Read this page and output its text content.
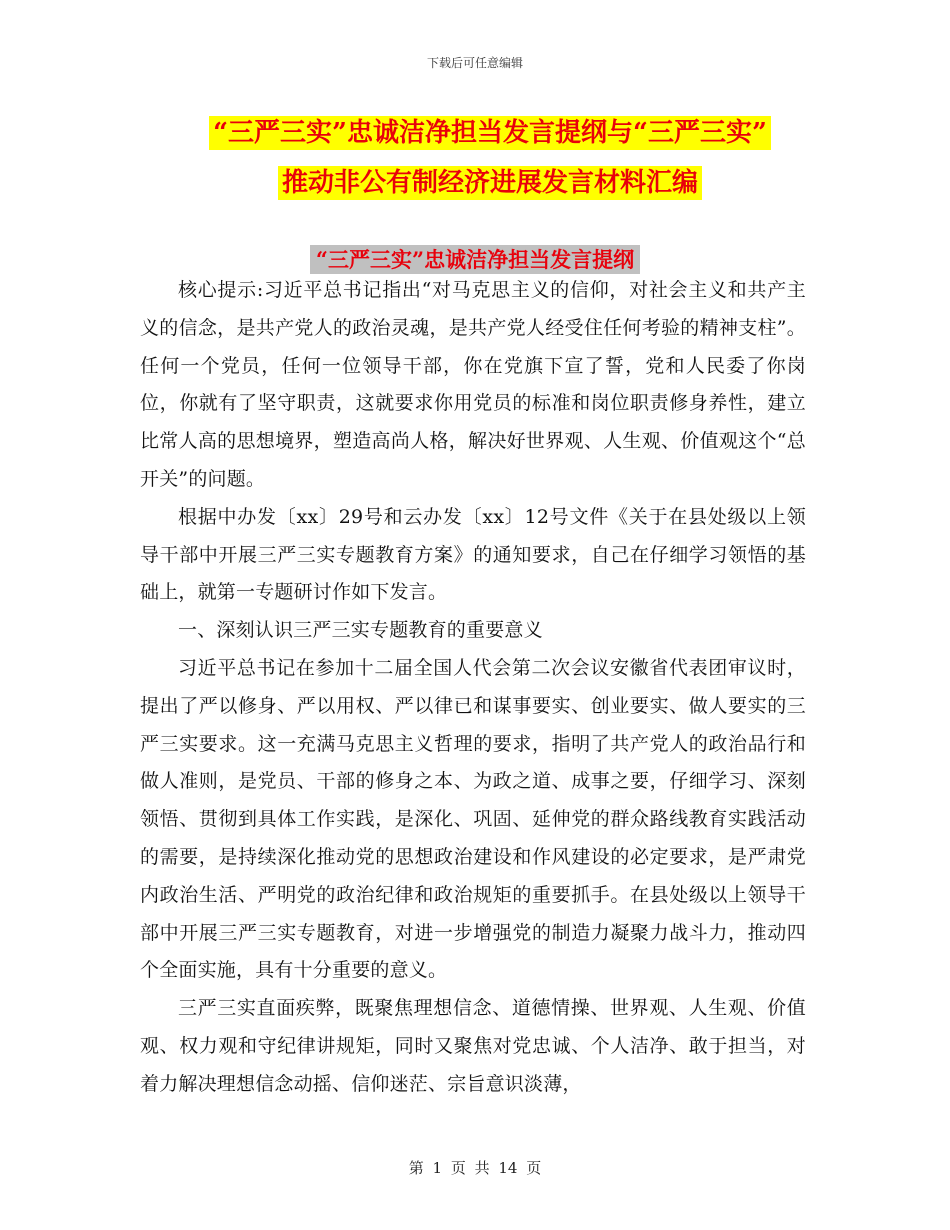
下载后可任意编辑
“三严三实”忠诚洁净担当发言提纲与“三严三实”
推动非公有制经济进展发言材料汇编
“三严三实”忠诚洁净担当发言提纲

核心提示:习近平总书记指出“对马克思主义的信仰，对社会主义和共产主义的信念，是共产党人的政治灵魂，是共产党人经受住任何考验的精神支柱”。任何一个党员，任何一位领导干部，你在党旗下宣了誓，党和人民委了你岗位，你就有了坚守职责，这就要求你用党员的标准和岗位职责修身养性，建立比常人高的思想境界，塑造高尚人格，解决好世界观、人生观、价值观这个“总开关”的问题。

根据中办发〔xx〕29号和云办发〔xx〕12号文件《关于在县处级以上领导干部中开展三严三实专题教育方案》的通知要求，自己在仔细学习领悟的基础上，就第一专题研讨作如下发言。

一、深刻认识三严三实专题教育的重要意义

习近平总书记在参加十二届全国人代会第二次会议安徽省代表团审议时，提出了严以修身、严以用权、严以律已和谋事要实、创业要实、做人要实的三严三实要求。这一充满马克思主义哲理的要求，指明了共产党人的政治品行和做人准则，是党员、干部的修身之本、为政之道、成事之要，仔细学习、深刻领悟、贯彻到具体工作实践，是深化、巩固、延伸党的群众路线教育实践活动的需要，是持续深化推动党的思想政治建设和作风建设的必定要求，是严肃党内政治生活、严明党的政治纪律和政治规矩的重要抓手。在县处级以上领导干部中开展三严三实专题教育，对进一步增强党的制造力凝聚力战斗力，推动四个全面实施，具有十分重要的意义。

三严三实直面疾弊，既聚焦理想信念、道德情操、世界观、人生观、价值观、权力观和守纪律讲规矩，同时又聚焦对党忠诚、个人洁净、敢于担当，对着力解决理想信念动摇、信仰迷茫、宗旨意识淡薄，

第 1 页 共 14 页
